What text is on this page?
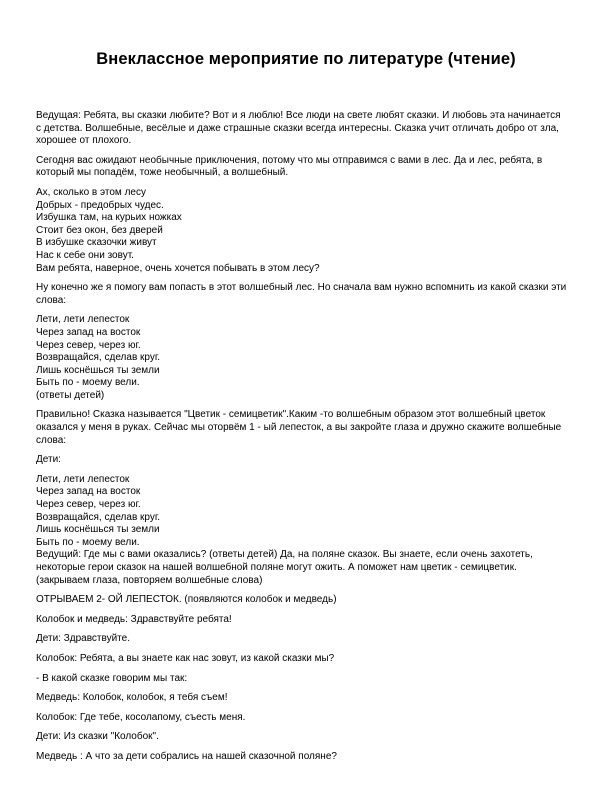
Внеклассное мероприятие по литературе (чтение)

Ведущая: Ребята, вы сказки любите? Вот и я люблю! Все люди на свете любят сказки. И любовь эта начинается
с детства. Волшебные, весёлые и даже страшные сказки всегда интересны. Сказка учит отличать добро от зла,
хорошее от плохого.

Сегодня вас ожидают необычные приключения, потому что мы отправимся с вами в лес. Да и лес, ребята, в
который мы попадём, тоже необычный, а волшебный.

Ах, сколько в этом лесу
Добрых - предобрых чудес.
Избушка там, на курьих ножках
Стоит без окон, без дверей
В избушке сказочки живут
Нас к себе они зовут.
Вам ребята, наверное, очень хочется побывать в этом лесу?

Ну конечно же я помогу вам попасть в этот волшебный лес. Но сначала вам нужно вспомнить из какой сказки эти
слова:

Лети, лети лепесток
Через запад на восток
Через север, через юг.
Возвращайся, сделав круг.
Лишь коснёшься ты земли
Быть по - моему вели.
(ответы детей)

Правильно! Сказка называется "Цветик - семицветик".Каким -то волшебным образом этот волшебный цветок
оказался у меня в руках. Сейчас мы оторвём 1 - ый лепесток, а вы закройте глаза и дружно скажите волшебные
слова:

Дети:

Лети, лети лепесток
Через запад на восток
Через север, через юг.
Возвращайся, сделав круг.
Лишь коснёшься ты земли
Быть по - моему вели.
Ведущий: Где мы с вами оказались? (ответы детей) Да, на поляне сказок. Вы знаете, если очень захотеть,
некоторые герои сказок на нашей волшебной поляне могут ожить. А поможет нам цветик - семицветик.
(закрываем глаза, повторяем волшебные слова)

ОТРЫВАЕМ 2- ОЙ ЛЕПЕСТОК. (появляются колобок и медведь)

Колобок и медведь: Здравствуйте ребята!

Дети: Здравствуйте.

Колобок: Ребята, а вы знаете как нас зовут, из какой сказки мы?

- В какой сказке говорим мы так:

Медведь: Колобок, колобок, я тебя съем!

Колобок: Где тебе, косолапому, съесть меня.

Дети: Из сказки "Колобок".

Медведь : А что за дети собрались на нашей сказочной поляне?
